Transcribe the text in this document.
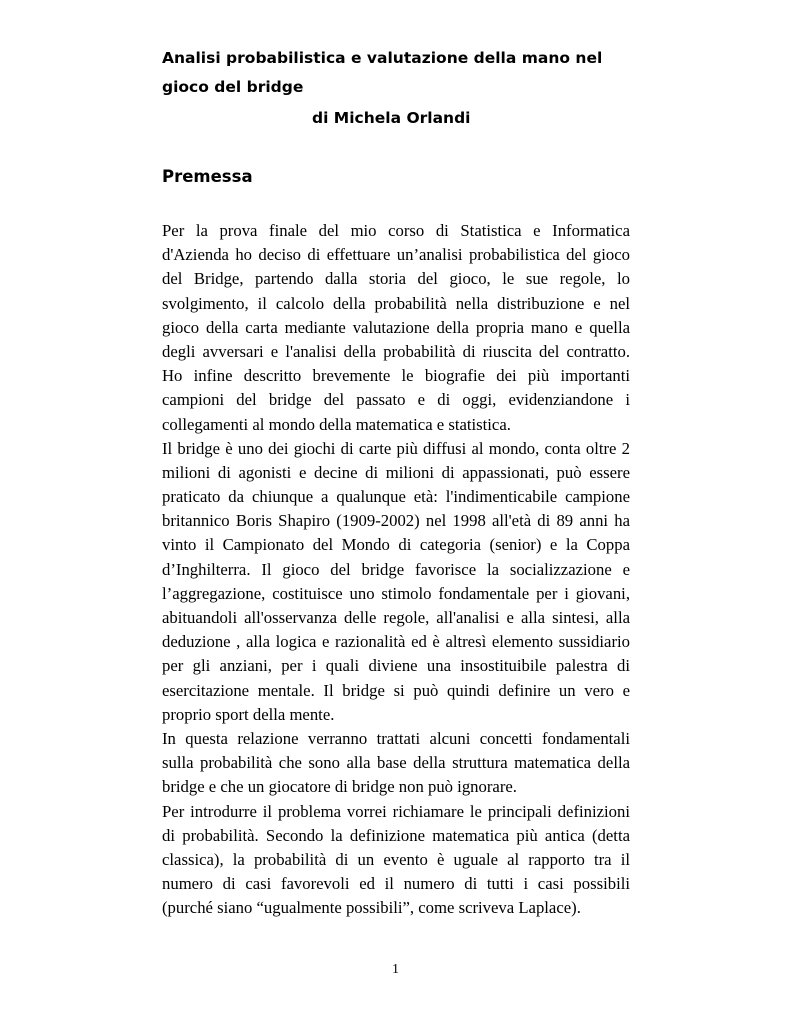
Analisi probabilistica e valutazione della mano nel
gioco del bridge
di Michela Orlandi
Premessa
Per la prova finale del mio corso di Statistica e Informatica
d'Azienda ho deciso di effettuare un’analisi probabilistica del gioco
del Bridge, partendo dalla storia del gioco, le sue regole, lo
svolgimento, il calcolo della probabilità nella distribuzione e nel
gioco della carta mediante valutazione della propria mano e quella
degli avversari e l'analisi della probabilità di riuscita del contratto.
Ho infine descritto brevemente le biografie dei più importanti
campioni del bridge del passato e di oggi, evidenziandone i
collegamenti al mondo della matematica e statistica.
Il bridge è uno dei giochi di carte più diffusi al mondo, conta oltre 2
milioni di agonisti e decine di milioni di appassionati, può essere
praticato da chiunque a qualunque età: l'indimenticabile campione
britannico Boris Shapiro (1909-2002) nel 1998 all'età di 89 anni ha
vinto il Campionato del Mondo di categoria (senior) e la Coppa
d’Inghilterra. Il gioco del bridge favorisce la socializzazione e
l’aggregazione, costituisce uno stimolo fondamentale per i giovani,
abituandoli all'osservanza delle regole, all'analisi e alla sintesi, alla
deduzione , alla logica e razionalità ed è altresì elemento sussidiario
per gli anziani, per i quali diviene una insostituibile palestra di
esercitazione mentale. Il bridge si può quindi definire un vero e
proprio sport della mente.
In questa relazione verranno trattati alcuni concetti fondamentali
sulla probabilità che sono alla base della struttura matematica della
bridge e che un giocatore di bridge non può ignorare.
Per introdurre il problema vorrei richiamare le principali definizioni
di probabilità. Secondo la definizione matematica più antica (detta
classica), la probabilità di un evento è uguale al rapporto tra il
numero di casi favorevoli ed il numero di tutti i casi possibili
(purché siano “ugualmente possibili”, come scriveva Laplace).
1
